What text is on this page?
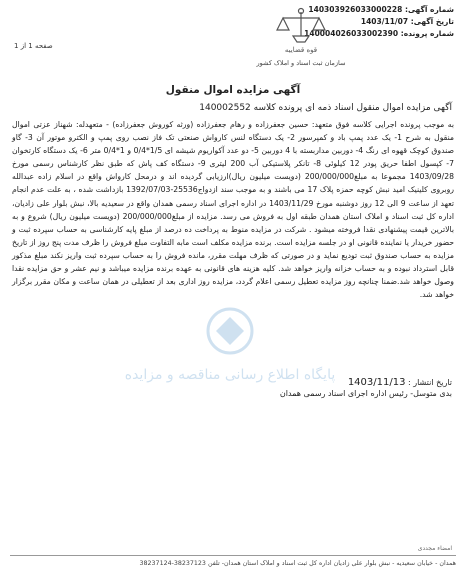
شماره آگهی: 140303926033000228
تاریخ آگهی: 1403/11/07
شماره پرونده: 140004026033002390
صفحه 1 از 1	قوه قضاییه
سازمان ثبت اسناد و املاک کشور
آگهی مزایده اموال منقول
آگهی مزایده اموال منقول اسناد ذمه ای پرونده کلاسه 140002552
به موجب پرونده اجرایی کلاسه فوق متعهد: حسین جعفرزاده و رهام جعفرزاده (ورثه کوروش جعفرزاده) - متعهدله: شهناز عزتی اموال منقول به شرح 1- یک عدد پمپ باد و کمپرسور 2- یک دستگاه لنس کارواش صنعتی تک فاز نصب روی پمپ و الکترو موتور آن 3- گاو صندوق کوچک قهوه ای رنگ 4- دوربین مداربسته با 4 دوربین 5- دو عدد آکواریوم شیشه ای 1/5*0/4 و 1*0/4 متر 6- یک دستگاه کارتخوان 7- کپسول اطفا حریق پودر 12 کیلوئی 8- تانکر پلاستیکی آب 200 لیتری 9- دستگاه کف پاش که طبق نظر کارشناس رسمی مورخ 1403/09/28 مجموعا به مبلغ200/000/000 (دویست میلیون ریال)ارزیابی گردیده اند و درمحل کارواش واقع در اسلام زاده عبدالله روبروی کلینیک امید نبش کوچه حمزه پلاک 17 می باشند و به موجب سند ازدواج25536-1392/07/03 بازداشت شده ، به علت عدم انجام تعهد از ساعت 9 الی 12 روز دوشنبه مورخ 1403/11/29 در اداره اجرای اسناد رسمی همدان واقع در سعیدیه بالا، نبش بلوار علی زادیان، اداره کل ثبت اسناد و املاک استان همدان طبقه اول به فروش می رسد. مزایده از مبلغ200/000/000 (دویست میلیون ریال) شروع و به بالاترین قیمت پیشنهادی نقدا فروخته میشود . شرکت در مزایده منوط به پرداخت ده درصد از مبلغ پایه کارشناسی به حساب سپرده ثبت و حضور خریدار یا نماینده قانونی او در جلسه مزایده است. برنده مزایده مکلف است مابه التفاوت مبلغ فروش را ظرف مدت پنج روز از تاریخ مزایده به حساب صندوق ثبت تودیع نماید و در صورتی که ظرف مهلت مقرر، مانده فروش را به حساب سپرده ثبت واریز نکند مبلغ مذکور قابل استرداد نبوده و به حساب خزانه واریز خواهد شد. کلیه هزینه های قانونی به عهده برنده مزایده میباشد و نیم عشر و حق مزایده نقدا وصول خواهد شد.ضمنا چنانچه روز مزایده تعطیل رسمی اعلام گردد، مزایده روز اداری بعد از تعطیلی در همان ساعت و مکان مقرر برگزار خواهد شد.
پایگاه اطلاع رسانی مناقصه و مزایده	تاریخ انتشار : 1403/11/13
بدی متوسل- رئیس اداره اجرای اسناد رسمی همدان
امضاء مجددی
همدان - خیابان سعیدیه - نبش بلوار علی زادیان اداره کل ثبت اسناد و املاک استان همدان- تلفن 38237123-38237124
